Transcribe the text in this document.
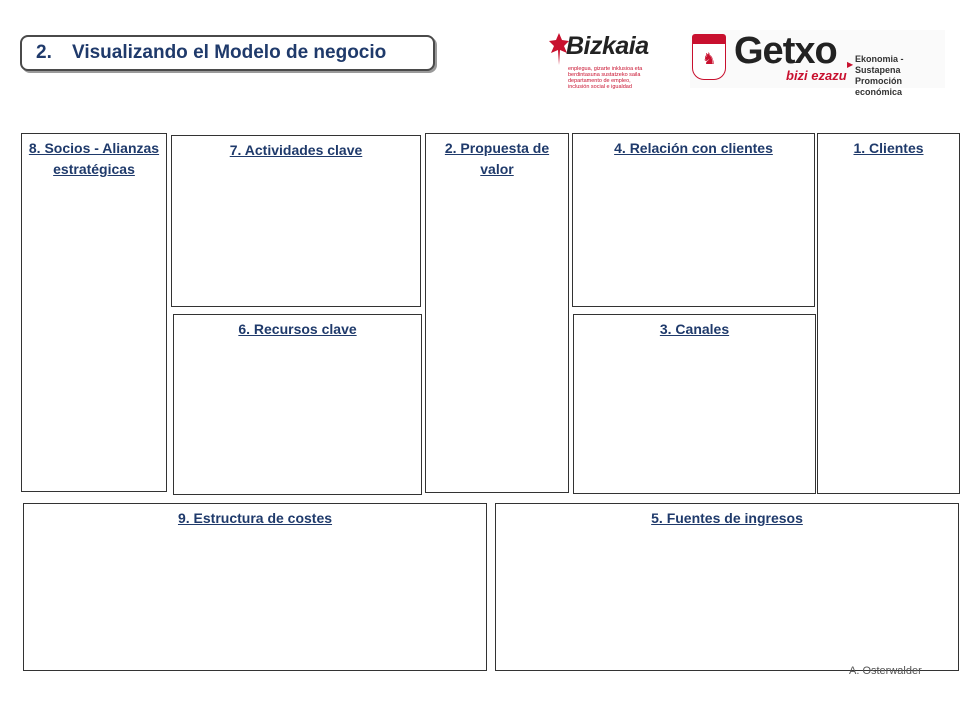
2.	Visualizando el Modelo de negocio	Bizkaia
enplegua, gizarte inklusioa eta berdintasuna sustatzeko saila departamento de empleo, inclusión social e igualdad
♞ Getxo
bizi ezazu
▶
Ekonomia -Sustapena
Promoción económica
8. Socios - Alianzas estratégicas
7. Actividades clave
6. Recursos clave
2. Propuesta de valor
4. Relación con clientes
3. Canales
1. Clientes
9. Estructura de costes	5. Fuentes de ingresos
A. Osterwalder
